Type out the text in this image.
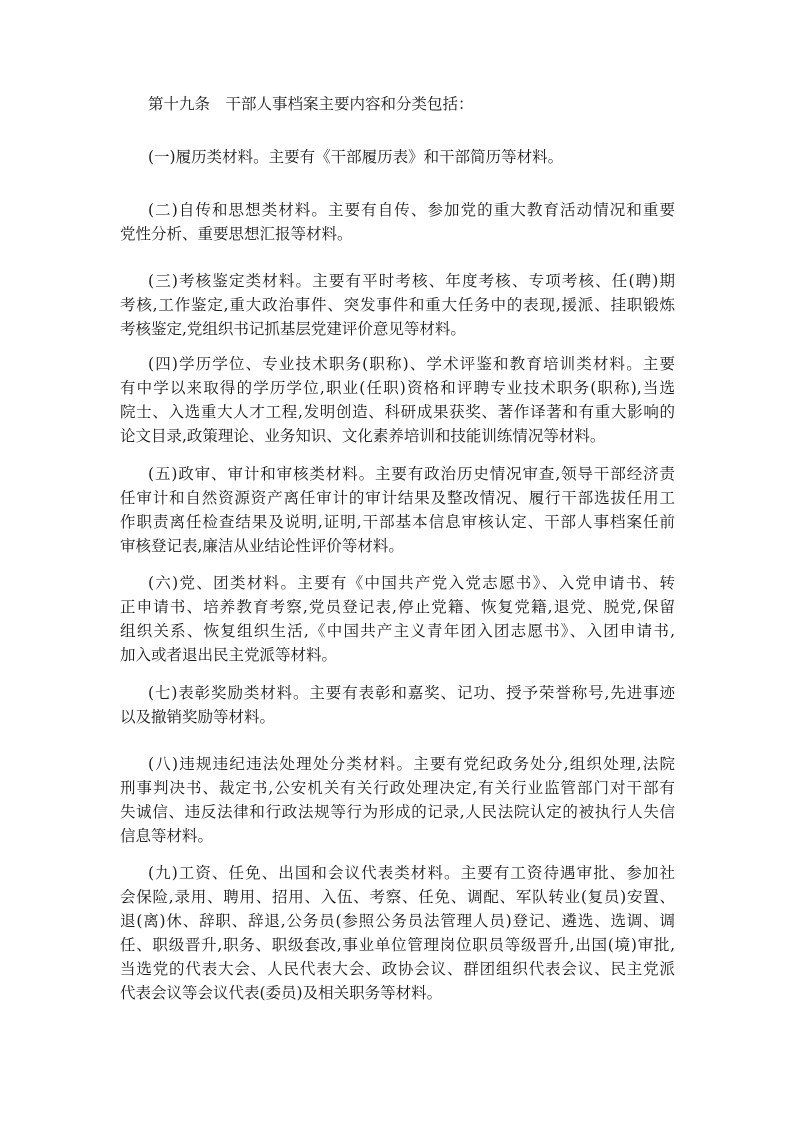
第十九条　干部人事档案主要内容和分类包括：
(一)履历类材料。主要有《干部履历表》和干部简历等材料。
(二)自传和思想类材料。主要有自传、参加党的重大教育活动情况和重要
党性分析、重要思想汇报等材料。
(三)考核鉴定类材料。主要有平时考核、年度考核、专项考核、任(聘)期
考核,工作鉴定,重大政治事件、突发事件和重大任务中的表现,援派、挂职锻炼
考核鉴定,党组织书记抓基层党建评价意见等材料。
(四)学历学位、专业技术职务(职称)、学术评鉴和教育培训类材料。主要
有中学以来取得的学历学位,职业(任职)资格和评聘专业技术职务(职称),当选
院士、入选重大人才工程,发明创造、科研成果获奖、著作译著和有重大影响的
论文目录,政策理论、业务知识、文化素养培训和技能训练情况等材料。
(五)政审、审计和审核类材料。主要有政治历史情况审查,领导干部经济责
任审计和自然资源资产离任审计的审计结果及整改情况、履行干部选拔任用工
作职责离任检查结果及说明,证明,干部基本信息审核认定、干部人事档案任前
审核登记表,廉洁从业结论性评价等材料。
(六)党、团类材料。主要有《中国共产党入党志愿书》、入党申请书、转
正申请书、培养教育考察,党员登记表,停止党籍、恢复党籍,退党、脱党,保留
组织关系、恢复组织生活,《中国共产主义青年团入团志愿书》、入团申请书,
加入或者退出民主党派等材料。
(七)表彰奖励类材料。主要有表彰和嘉奖、记功、授予荣誉称号,先进事迹
以及撤销奖励等材料。
(八)违规违纪违法处理处分类材料。主要有党纪政务处分,组织处理,法院
刑事判决书、裁定书,公安机关有关行政处理决定,有关行业监管部门对干部有
失诚信、违反法律和行政法规等行为形成的记录,人民法院认定的被执行人失信
信息等材料。
(九)工资、任免、出国和会议代表类材料。主要有工资待遇审批、参加社
会保险,录用、聘用、招用、入伍、考察、任免、调配、军队转业(复员)安置、
退(离)休、辞职、辞退,公务员(参照公务员法管理人员)登记、遴选、选调、调
任、职级晋升,职务、职级套改,事业单位管理岗位职员等级晋升,出国(境)审批,
当选党的代表大会、人民代表大会、政协会议、群团组织代表会议、民主党派
代表会议等会议代表(委员)及相关职务等材料。
